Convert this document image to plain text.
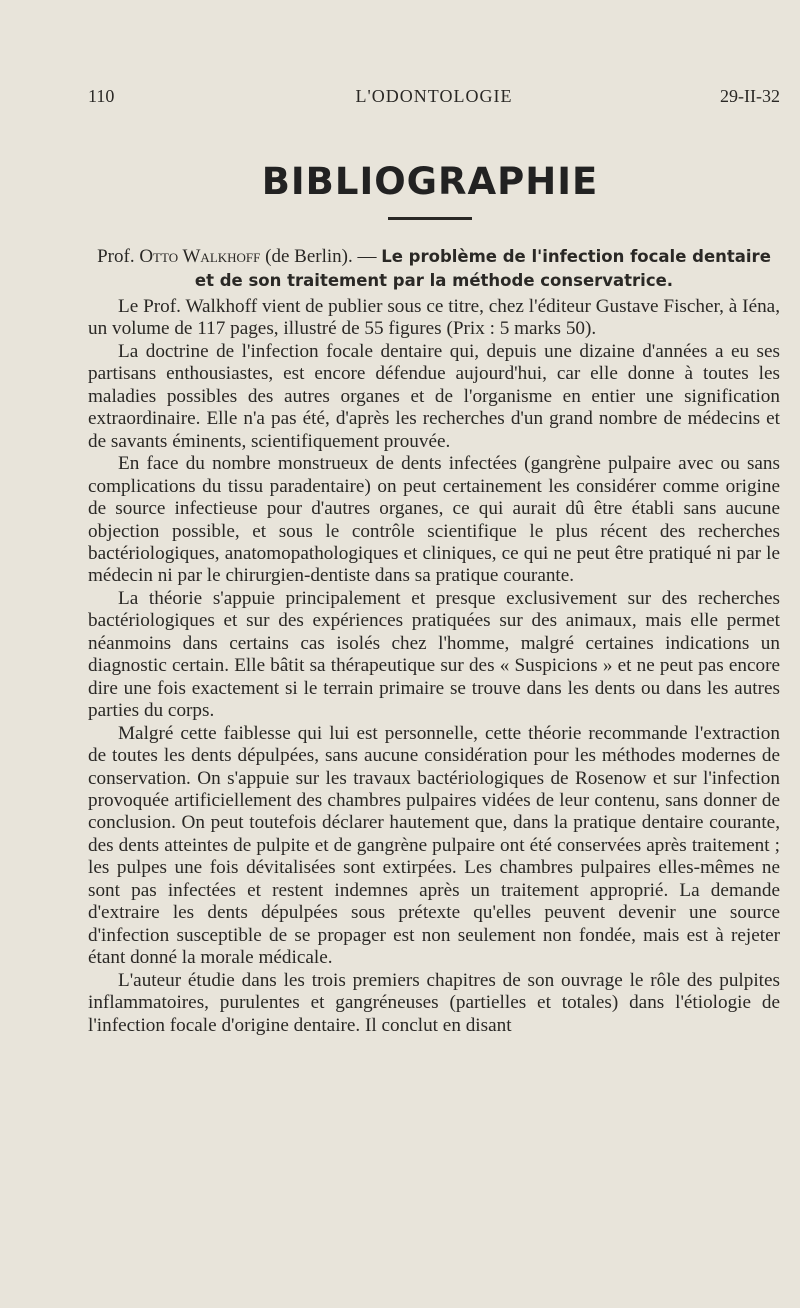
110	L'ODONTOLOGIE	29-II-32
BIBLIOGRAPHIE
Prof. Otto Walkhoff (de Berlin). — Le problème de l'infection focale dentaire et de son traitement par la méthode conservatrice.

Le Prof. Walkhoff vient de publier sous ce titre, chez l'éditeur Gustave Fischer, à Iéna, un volume de 117 pages, illustré de 55 figures (Prix : 5 marks 50).

La doctrine de l'infection focale dentaire qui, depuis une dizaine d'années a eu ses partisans enthousiastes, est encore défendue aujourd'hui, car elle donne à toutes les maladies possibles des autres organes et de l'organisme en entier une signification extraordinaire. Elle n'a pas été, d'après les recherches d'un grand nombre de médecins et de savants éminents, scientifiquement prouvée.

En face du nombre monstrueux de dents infectées (gangrène pulpaire avec ou sans complications du tissu paradentaire) on peut certainement les considérer comme origine de source infectieuse pour d'autres organes, ce qui aurait dû être établi sans aucune objection possible, et sous le contrôle scientifique le plus récent des recherches bactériologiques, anatomopathologiques et cliniques, ce qui ne peut être pratiqué ni par le médecin ni par le chirurgien-dentiste dans sa pratique courante.

La théorie s'appuie principalement et presque exclusivement sur des recherches bactériologiques et sur des expériences pratiquées sur des animaux, mais elle permet néanmoins dans certains cas isolés chez l'homme, malgré certaines indications un diagnostic certain. Elle bâtit sa thérapeutique sur des « Suspicions » et ne peut pas encore dire une fois exactement si le terrain primaire se trouve dans les dents ou dans les autres parties du corps.

Malgré cette faiblesse qui lui est personnelle, cette théorie recommande l'extraction de toutes les dents dépulpées, sans aucune considération pour les méthodes modernes de conservation. On s'appuie sur les travaux bactériologiques de Rosenow et sur l'infection provoquée artificiellement des chambres pulpaires vidées de leur contenu, sans donner de conclusion. On peut toutefois déclarer hautement que, dans la pratique dentaire courante, des dents atteintes de pulpite et de gangrène pulpaire ont été conservées après traitement ; les pulpes une fois dévitalisées sont extirpées. Les chambres pulpaires elles-mêmes ne sont pas infectées et restent indemnes après un traitement approprié. La demande d'extraire les dents dépulpées sous prétexte qu'elles peuvent devenir une source d'infection susceptible de se propager est non seulement non fondée, mais est à rejeter étant donné la morale médicale.

L'auteur étudie dans les trois premiers chapitres de son ouvrage le rôle des pulpites inflammatoires, purulentes et gangréneuses (partielles et totales) dans l'étiologie de l'infection focale d'origine dentaire. Il conclut en disant
